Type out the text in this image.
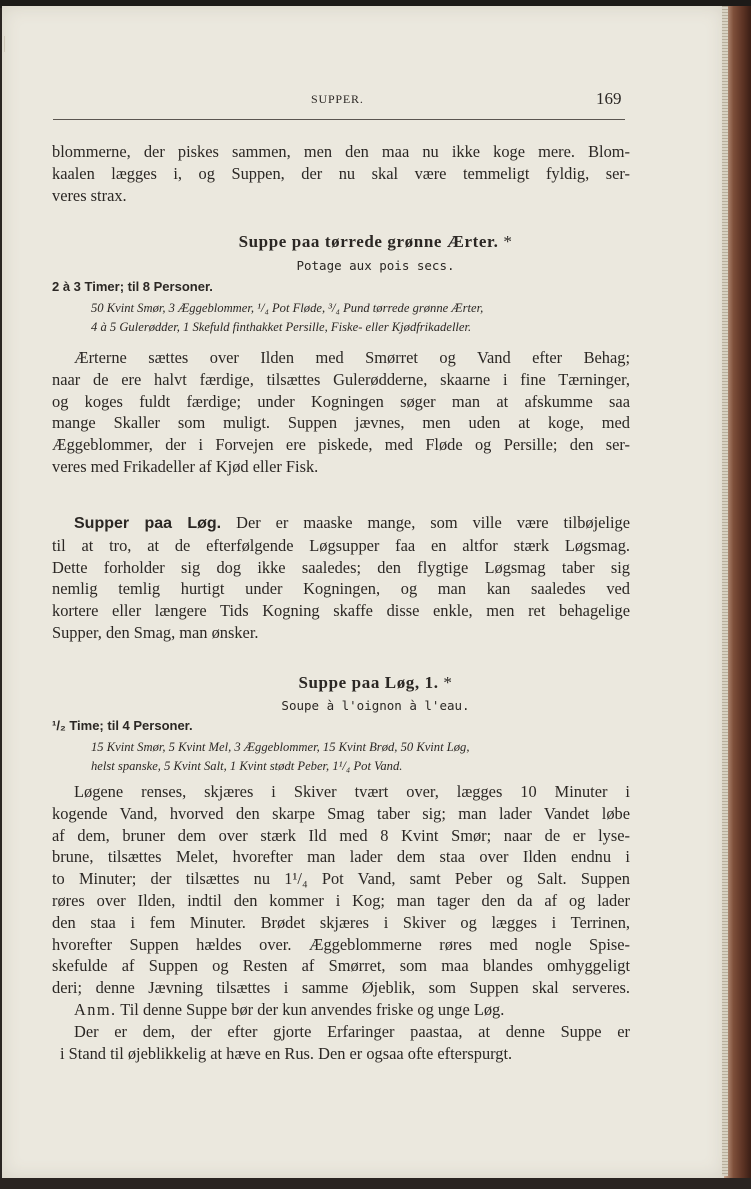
SUPPER.	169
blommerne, der piskes sammen, men den maa nu ikke koge mere. Blom-
kaalen lægges i, og Suppen, der nu skal være temmeligt fyldig, ser-
veres strax.
Suppe paa tørrede grønne Ærter. *
Potage aux pois secs.
2 à 3 Timer; til 8 Personer.
50 Kvint Smør, 3 Æggeblommer, ¹/₄ Pot Fløde, ³/₄ Pund tørrede grønne Ærter,
4 à 5 Gulerødder, 1 Skefuld finthakket Persille, Fiske- eller Kjødfrikadeller.
Ærterne sættes over Ilden med Smørret og Vand efter Behag;
naar de ere halvt færdige, tilsættes Gulerødderne, skaarne i fine Tærninger,
og koges fuldt færdige; under Kogningen søger man at afskumme saa
mange Skaller som muligt. Suppen jævnes, men uden at koge, med
Æggeblommer, der i Forvejen ere piskede, med Fløde og Persille; den ser-
veres med Frikadeller af Kjød eller Fisk.
Supper paa Løg. Der er maaske mange, som ville være tilbøjelige
til at tro, at de efterfølgende Løgsupper faa en altfor stærk Løgsmag.
Dette forholder sig dog ikke saaledes; den flygtige Løgsmag taber sig
nemlig temlig hurtigt under Kogningen, og man kan saaledes ved
kortere eller længere Tids Kogning skaffe disse enkle, men ret behagelige
Supper, den Smag, man ønsker.
Suppe paa Løg, 1. *
Soupe à l'oignon à l'eau.
¹/₂ Time; til 4 Personer.
15 Kvint Smør, 5 Kvint Mel, 3 Æggeblommer, 15 Kvint Brød, 50 Kvint Løg,
helst spanske, 5 Kvint Salt, 1 Kvint stødt Peber, 1¹/₄ Pot Vand.
Løgene renses, skjæres i Skiver tvært over, lægges 10 Minuter i
kogende Vand, hvorved den skarpe Smag taber sig; man lader Vandet løbe
af dem, bruner dem over stærk Ild med 8 Kvint Smør; naar de er lyse-
brune, tilsættes Melet, hvorefter man lader dem staa over Ilden endnu i
to Minuter; der tilsættes nu 1¹/₄ Pot Vand, samt Peber og Salt. Suppen
røres over Ilden, indtil den kommer i Kog; man tager den da af og lader
den staa i fem Minuter. Brødet skjæres i Skiver og lægges i Terrinen,
hvorefter Suppen hældes over. Æggeblommerne røres med nogle Spise-
skefulde af Suppen og Resten af Smørret, som maa blandes omhyggeligt
deri; denne Jævning tilsættes i samme Øjeblik, som Suppen skal serveres.
Anm. Til denne Suppe bør der kun anvendes friske og unge Løg.
Der er dem, der efter gjorte Erfaringer paastaa, at denne Suppe er
i Stand til øjeblikkelig at hæve en Rus. Den er ogsaa ofte efterspurgt.
